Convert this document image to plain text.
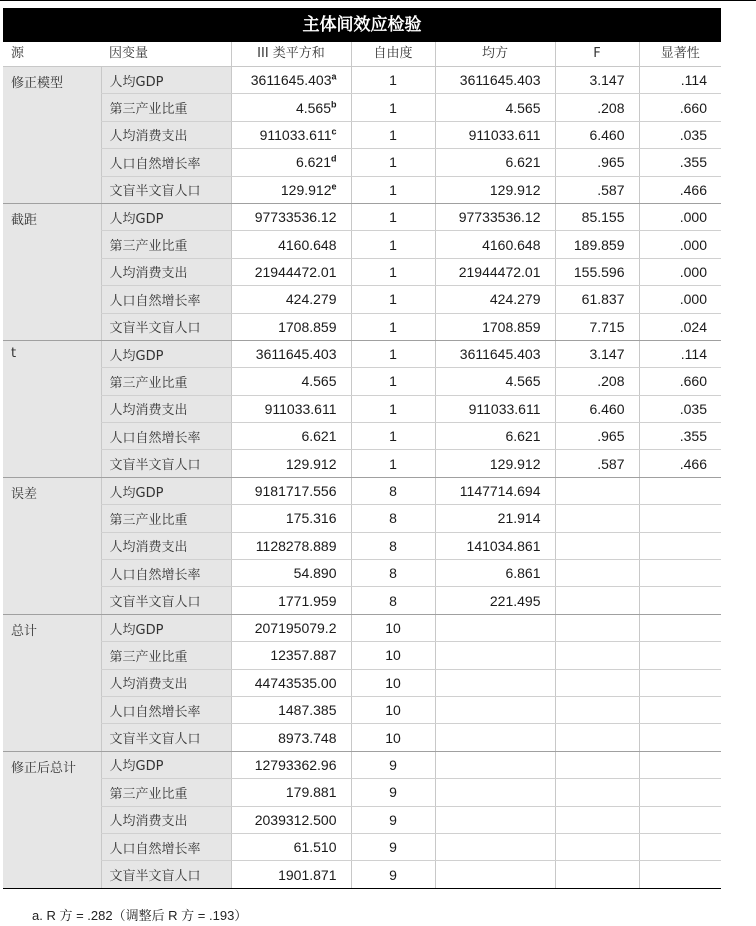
主体间效应检验
源	因变量	III 类平方和	自由度	均方	F	显著性
修正模型	人均GDP	3611645.403$^a$	1	3611645.403	3.147	.114
	第三产业比重	4.565$^b$	1	4.565	.208	.660
	人均消费支出	911033.611$^c$	1	911033.611	6.460	.035
	人口自然增长率	6.621$^d$	1	6.621	.965	.355
	文盲半文盲人口	129.912e	1	129.912	.587	.466
截距	人均GDP	97733536.12	1	97733536.12	85.155	.000
	第三产业比重	4160.648	1	4160.648	189.859	.000
	人均消费支出	21944472.01	1	21944472.01	155.596	.000
	人口自然增长率	424.279	1	424.279	61.837	.000
	文盲半文盲人口	1708.859	1	1708.859	7.715	.024
t	人均GDP	3611645.403	1	3611645.403	3.147	.114
	第三产业比重	4.565	1	4.565	.208	.660
	人均消费支出	911033.611	1	911033.611	6.460	.035
	人口自然增长率	6.621	1	6.621	.965	.355
	文盲半文盲人口	129.912	1	129.912	.587	.466
误差	人均GDP	9181717.556	8	1147714.694		
	第三产业比重	175.316	8	21.914		
	人均消费支出	1128278.889	8	141034.861		
	人口自然增长率	54.890	8	6.861		
	文盲半文盲人口	1771.959	8	221.495		
总计	人均GDP	207195079.2	10			
	第三产业比重	12357.887	10			
	人均消费支出	44743535.00	10			
	人口自然增长率	1487.385	10			
	文盲半文盲人口	8973.748	10			
修正后总计	人均GDP	12793362.96	9			
	第三产业比重	179.881	9			
	人均消费支出	2039312.500	9			
	人口自然增长率	61.510	9			
	文盲半文盲人口	1901.871	9			
a. R 方 = .282（调整后 R 方 = .193）
